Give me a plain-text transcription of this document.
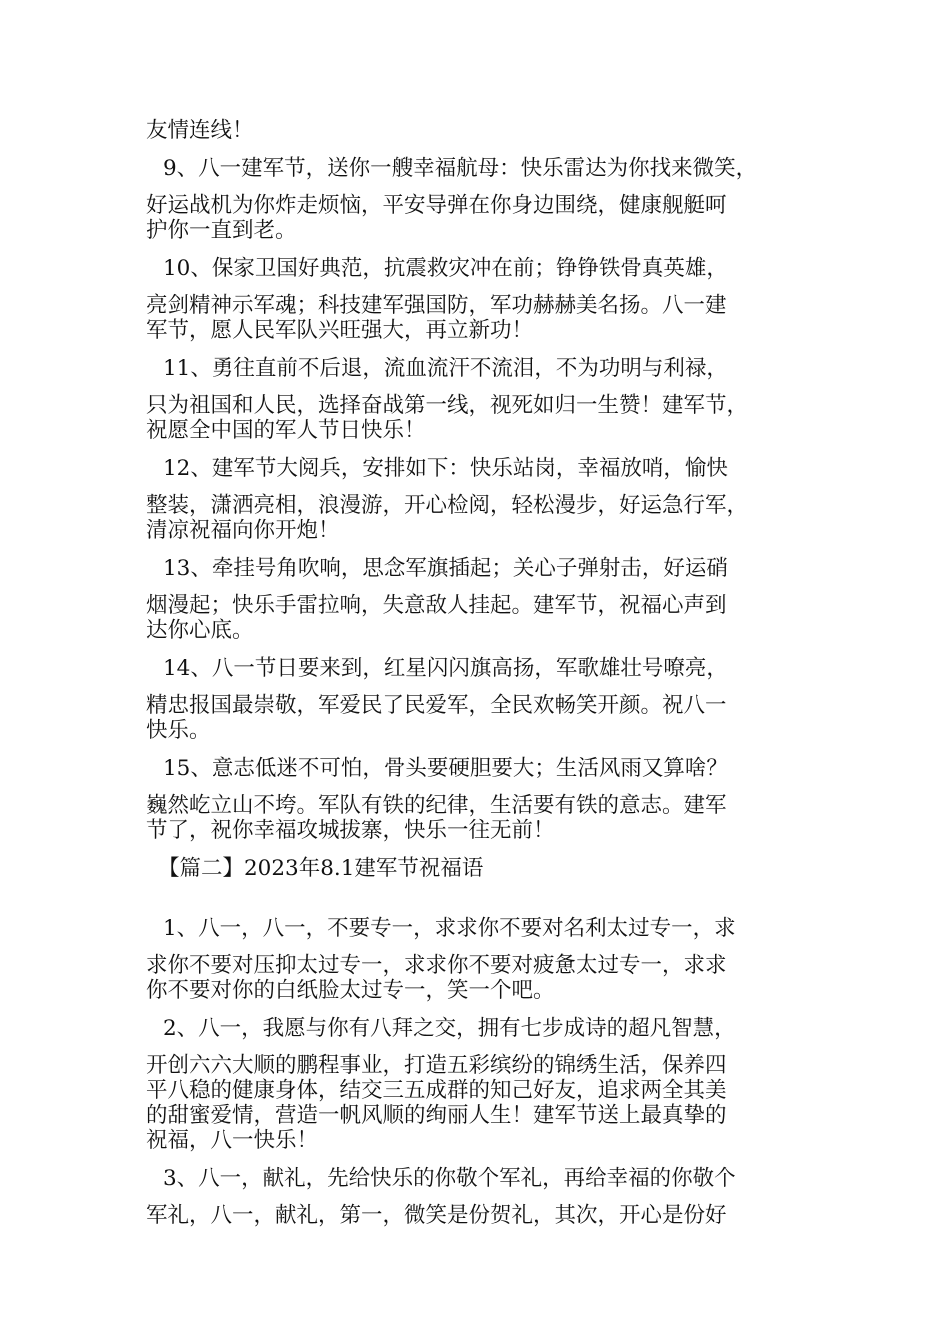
友情连线！

9、八一建军节，送你一艘幸福航母：快乐雷达为你找来微笑，
好运战机为你炸走烦恼，平安导弹在你身边围绕，健康舰艇呵
护你一直到老。
10、保家卫国好典范，抗震救灾冲在前；铮铮铁骨真英雄，
亮剑精神示军魂；科技建军强国防，军功赫赫美名扬。八一建
军节，愿人民军队兴旺强大，再立新功！
11、勇往直前不后退，流血流汗不流泪，不为功明与利禄，
只为祖国和人民，选择奋战第一线，视死如归一生赞！建军节，
祝愿全中国的军人节日快乐！
12、建军节大阅兵，安排如下：快乐站岗，幸福放哨，愉快
整装，潇洒亮相，浪漫游，开心检阅，轻松漫步，好运急行军，
清凉祝福向你开炮！
13、牵挂号角吹响，思念军旗插起；关心子弹射击，好运硝
烟漫起；快乐手雷拉响，失意敌人挂起。建军节，祝福心声到
达你心底。
14、八一节日要来到，红星闪闪旗高扬，军歌雄壮号嘹亮，
精忠报国最崇敬，军爱民了民爱军，全民欢畅笑开颜。祝八一
快乐。
15、意志低迷不可怕，骨头要硬胆要大；生活风雨又算啥？
巍然屹立山不垮。军队有铁的纪律，生活要有铁的意志。建军
节了，祝你幸福攻城拔寨，快乐一往无前！

【篇二】2023年8.1建军节祝福语

1、八一，八一，不要专一，求求你不要对名利太过专一，求
求你不要对压抑太过专一，求求你不要对疲惫太过专一，求求
你不要对你的白纸脸太过专一，笑一个吧。
2、八一，我愿与你有八拜之交，拥有七步成诗的超凡智慧，
开创六六大顺的鹏程事业，打造五彩缤纷的锦绣生活，保养四
平八稳的健康身体，结交三五成群的知己好友，追求两全其美
的甜蜜爱情，营造一帆风顺的绚丽人生！建军节送上最真挚的
祝福，八一快乐！
3、八一，献礼，先给快乐的你敬个军礼，再给幸福的你敬个
军礼，八一，献礼，第一，微笑是份贺礼，其次，开心是份好
